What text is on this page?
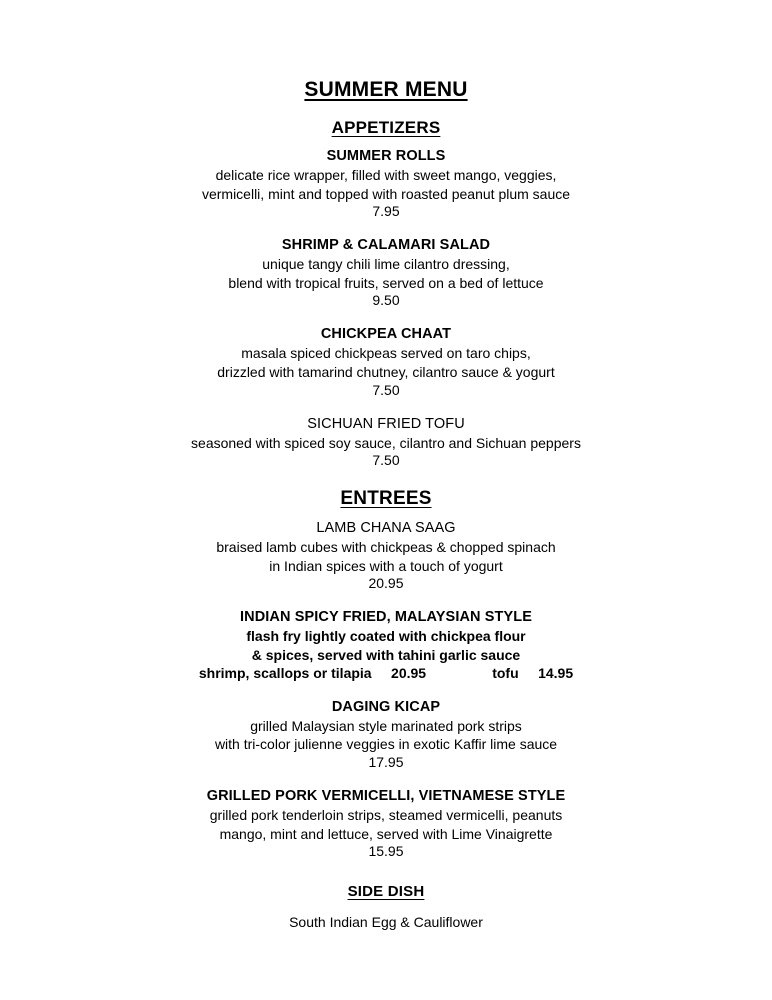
SUMMER MENU
APPETIZERS

SUMMER ROLLS

delicate rice wrapper, filled with sweet mango, veggies,

vermicelli, mint and topped with roasted peanut plum sauce

7.95

SHRIMP & CALAMARI SALAD

unique tangy chili lime cilantro dressing,

blend with tropical fruits, served on a bed of lettuce

9.50

CHICKPEA CHAAT

masala spiced chickpeas served on taro chips,

drizzled with tamarind chutney, cilantro sauce & yogurt

7.50

SICHUAN FRIED TOFU

seasoned with spiced soy sauce, cilantro and Sichuan peppers

7.50

ENTREES

LAMB CHANA SAAG

braised lamb cubes with chickpeas & chopped spinach

in Indian spices with a touch of yogurt

20.95

INDIAN SPICY FRIED, MALAYSIAN STYLE

flash fry lightly coated with chickpea flour

& spices, served with tahini garlic sauce

shrimp, scallops or tilapia
20.95
	tofu
14.95

DAGING KICAP

grilled Malaysian style marinated pork strips

with tri-color julienne veggies in exotic Kaffir lime sauce

17.95

GRILLED PORK VERMICELLI, VIETNAMESE STYLE

grilled pork tenderloin strips, steamed vermicelli, peanuts

mango, mint and lettuce, served with Lime Vinaigrette

15.95

SIDE DISH

South Indian Egg & Cauliflower
